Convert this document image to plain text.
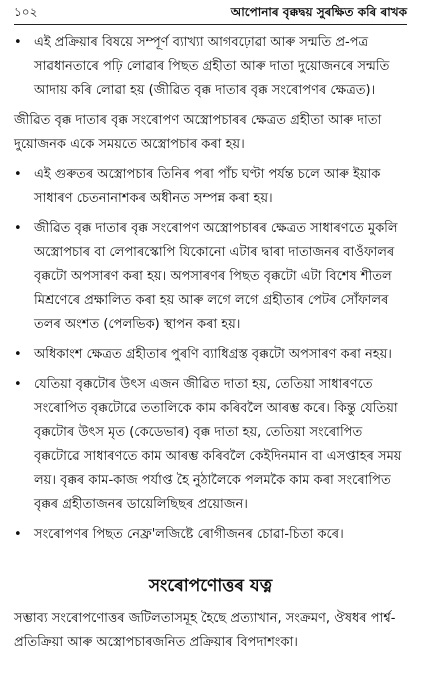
১০২	আপোনাৰ বৃক্কদ্বয় সুৰক্ষিত কৰি ৰাখক
• এই প্ৰক্ৰিয়াৰ বিষয়ে সম্পূৰ্ণ ব্যাখ্যা আগবঢ়োৱা আৰু সন্মতি প্ৰ-পত্ৰ সাৱধানতাৰে পঢ়ি লোৱাৰ পিছত গ্ৰহীতা আৰু দাতা দুয়োজনৰে সন্মতি আদায় কৰি লোৱা হয় (জীৱিত বৃক্ক দাতাৰ বৃক্ক সংৰোপণৰ ক্ষেত্ৰত)।

জীৱিত বৃক্ক দাতাৰ বৃক্ক সংৰোপণ অস্ত্ৰোপচাৰৰ ক্ষেত্ৰত গ্ৰহীতা আৰু দাতা দুয়োজনক একে সময়তে অস্ত্ৰোপচাৰ কৰা হয়।

• এই গুৰুতৰ অস্ত্ৰোপচাৰ তিনিৰ পৰা পাঁচ ঘণ্টা পৰ্যন্ত চলে আৰু ইয়াক সাধাৰণ চেতনানাশকৰ অধীনত সম্পন্ন কৰা হয়।
• জীৱিত বৃক্ক দাতাৰ বৃক্ক সংৰোপণ অস্ত্ৰোপচাৰৰ ক্ষেত্ৰত সাধাৰণতে মুকলি অস্ত্ৰোপচাৰ বা লেপাৰস্কোপি যিকোনো এটাৰ দ্বাৰা দাতাজনৰ বাওঁফালৰ বৃক্কটো অপসাৰণ কৰা হয়। অপসাৰণৰ পিছত বৃক্কটো এটা বিশেষ শীতল মিশ্ৰণেৰে প্ৰক্ষালিত কৰা হয় আৰু লগে লগে গ্ৰহীতাৰ পেটৰ সোঁফালৰ তলৰ অংশত (পেলভিক) স্থাপন কৰা হয়।
• অধিকাংশ ক্ষেত্ৰত গ্ৰহীতাৰ পুৰণি ব্যাধিগ্ৰস্ত বৃক্কটো অপসাৰণ কৰা নহয়।
• যেতিয়া বৃক্কটোৰ উৎস এজন জীৱিত দাতা হয়, তেতিয়া সাধাৰণতে সংৰোপিত বৃক্কটোৱে ততালিকে কাম কৰিবলৈ আৰম্ভ কৰে। কিন্তু যেতিয়া বৃক্কটোৰ উৎস মৃত (কেডেভাৰ) বৃক্ক দাতা হয়, তেতিয়া সংৰোপিত বৃক্কটোৱে সাধাৰণতে কাম আৰম্ভ কৰিবলৈ কেইদিনমান বা এসপ্তাহৰ সময় লয়। বৃক্কৰ কাম-কাজ পৰ্যাপ্ত হৈ নুঠালৈকে পলমকৈ কাম কৰা সংৰোপিত বৃক্কৰ গ্ৰহীতাজনৰ ডায়েলিছিছৰ প্ৰয়োজন।
• সংৰোপণৰ পিছত নেফ্ৰ'লজিষ্টে ৰোগীজনৰ চোৱা-চিতা কৰে।
সংৰোপণোত্তৰ যত্ন

সম্ভাব্য সংৰোপণোত্তৰ জটিলতাসমূহ হৈছে প্ৰত্যাখান, সংক্ৰমণ, ঔষধৰ পাৰ্শ্ব-প্ৰতিক্ৰিয়া আৰু অস্ত্ৰোপচাৰজনিত প্ৰক্ৰিয়াৰ বিপদাশংকা।
